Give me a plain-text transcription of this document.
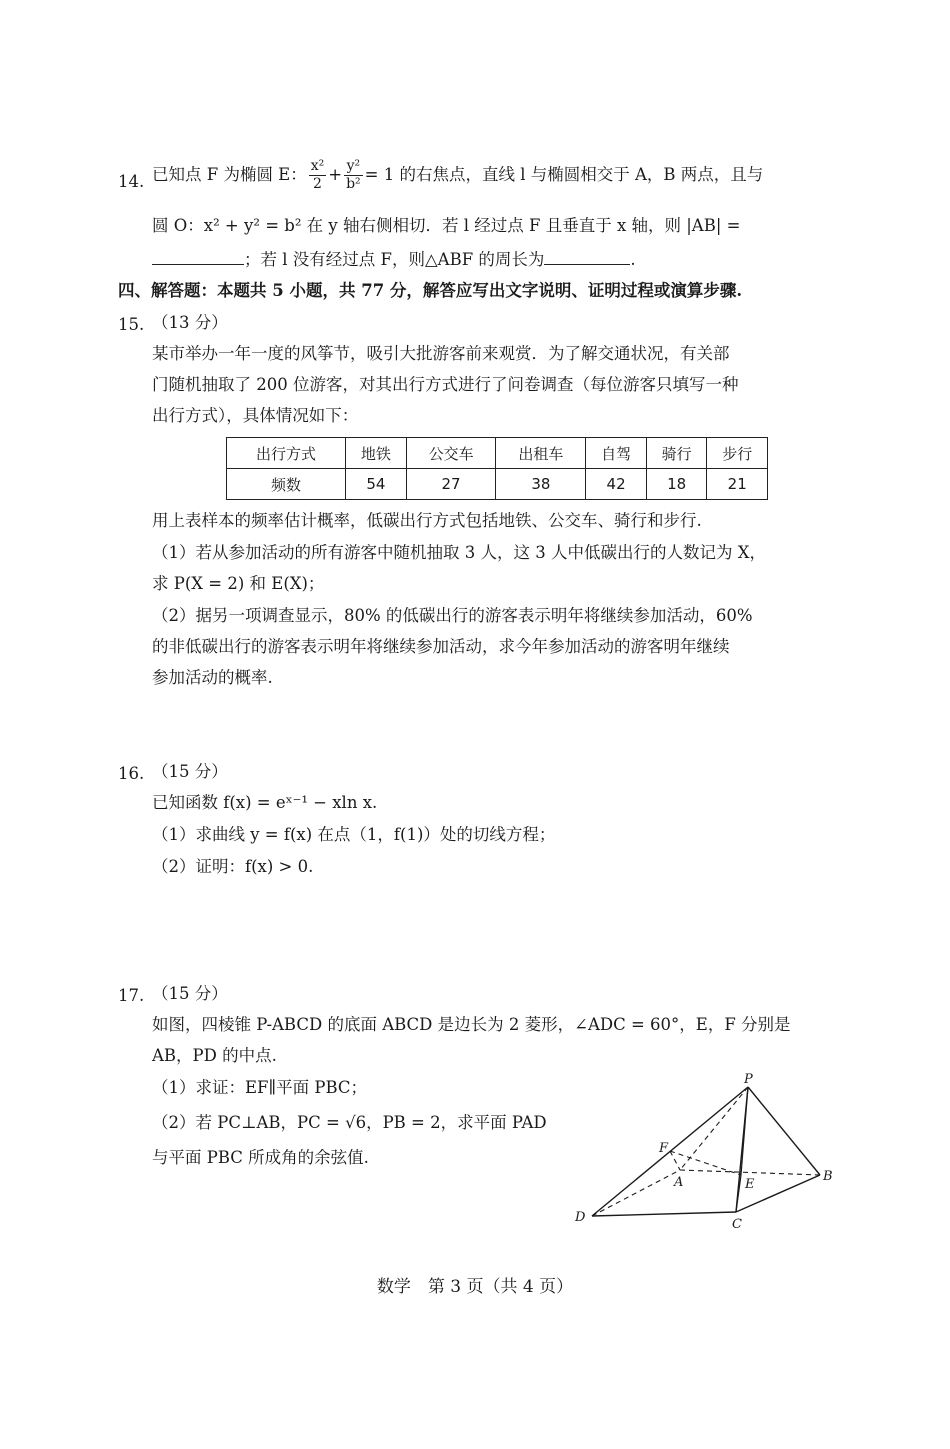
14. 已知点 F 为椭圆 E： $\frac{\text{x²}}{2} + \frac{\text{y²}}{\text{b²}} = 1$ 的右焦点，直线 l 与椭圆相交于 A，B 两点，且与
圆 O：x² + y² = b² 在 y 轴右侧相切．若 l 经过点 F 且垂直于 x 轴，则 |AB| =
；若 l 没有经过点 F，则△ABF 的周长为	.
四、解答题：本题共 5 小题，共 77 分，解答应写出文字说明、证明过程或演算步骤.
15. （13 分）
某市举办一年一度的风筝节，吸引大批游客前来观赏．为了解交通状况，有关部
门随机抽取了 200 位游客，对其出行方式进行了问卷调查（每位游客只填写一种
出行方式），具体情况如下：
出行方式	地铁	公交车	出租车	自驾	骑行	步行
频数	54	27	38	42	18	21
用上表样本的频率估计概率，低碳出行方式包括地铁、公交车、骑行和步行.
（1）若从参加活动的所有游客中随机抽取 3 人，这 3 人中低碳出行的人数记为 X，
求 P(X = 2) 和 E(X)；
（2）据另一项调查显示，80% 的低碳出行的游客表示明年将继续参加活动，60%
的非低碳出行的游客表示明年将继续参加活动，求今年参加活动的游客明年继续
参加活动的概率.
16. （15 分）
已知函数 f(x) = eˣ⁻¹ − xln x.
（1）求曲线 y = f(x) 在点（1，f(1)）处的切线方程；
（2）证明：f(x) > 0.
17. （15 分）
如图，四棱锥 P-ABCD 的底面 ABCD 是边长为 2 菱形，∠ADC = 60°，E，F 分别是
AB，PD 的中点.
（1）求证：EF∥平面 PBC；
（2）若 PC⊥AB，PC = √6，PB = 2，求平面 PAD
与平面 PBC 所成角的余弦值.
P
F
A	E
B
D	C
数学　第 3 页（共 4 页）
